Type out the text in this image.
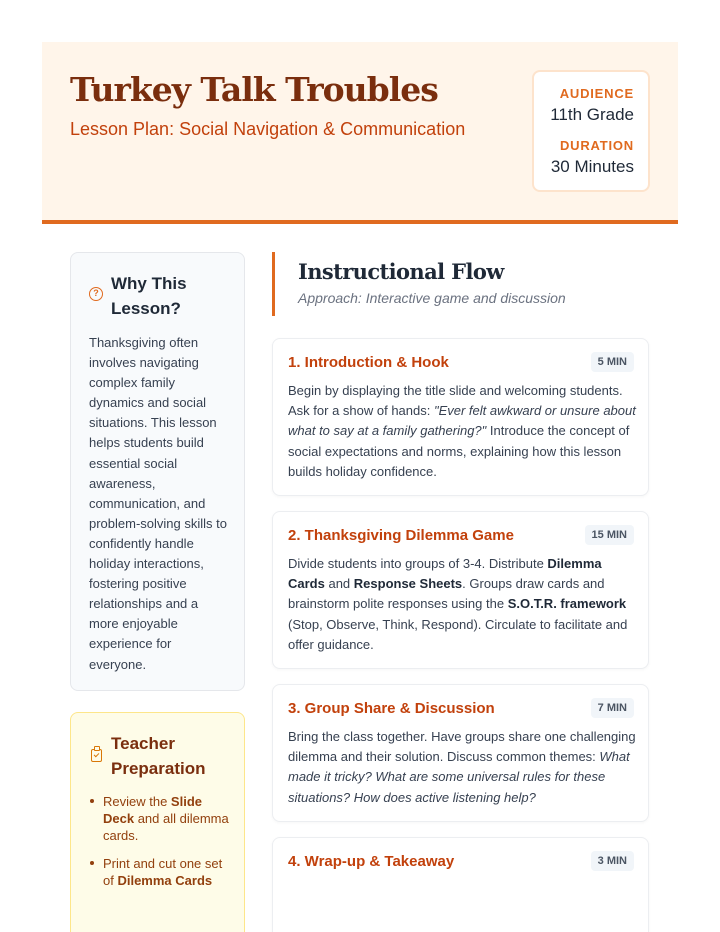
Turkey Talk Troubles
Lesson Plan: Social Navigation & Communication
AUDIENCE
11th Grade
DURATION
30 Minutes
? Why This Lesson?
Thanksgiving often involves navigating complex family dynamics and social situations. This lesson helps students build essential social awareness, communication, and problem-solving skills to confidently handle holiday interactions, fostering positive relationships and a more enjoyable experience for everyone.
Teacher Preparation
Review the Slide Deck and all dilemma cards.
Print and cut one set of Dilemma Cards
Instructional Flow
Approach: Interactive game and discussion
1. Introduction & Hook	5 MIN
Begin by displaying the title slide and welcoming students. Ask for a show of hands: "Ever felt awkward or unsure about what to say at a family gathering?" Introduce the concept of social expectations and norms, explaining how this lesson builds holiday confidence.
2. Thanksgiving Dilemma Game	15 MIN
Divide students into groups of 3-4. Distribute Dilemma Cards and Response Sheets. Groups draw cards and brainstorm polite responses using the S.O.T.R. framework (Stop, Observe, Think, Respond). Circulate to facilitate and offer guidance.
3. Group Share & Discussion	7 MIN
Bring the class together. Have groups share one challenging dilemma and their solution. Discuss common themes: What made it tricky? What are some universal rules for these situations? How does active listening help?
4. Wrap-up & Takeaway	3 MIN
